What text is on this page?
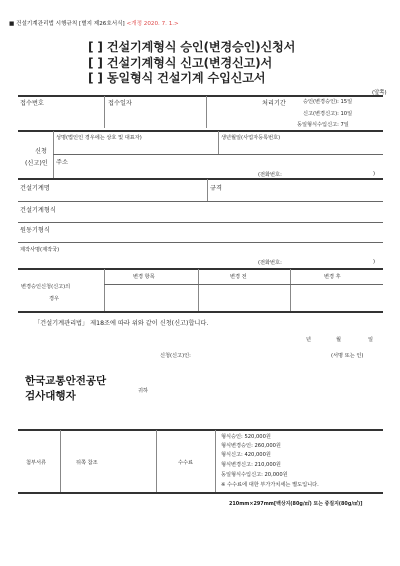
■ 건설기계관리법 시행규칙 [별지 제26호서식] <개정 2020. 7. 1.>
[ ] 건설기계형식 승인(변경승인)신청서
[ ] 건설기계형식 신고(변경신고)서
[ ] 동일형식 건설기계 수입신고서
(앞쪽)
접수번호	접수일자	처리기간	승인(변경승인): 15일
신고(변경신고): 10일
동일형식수입신고: 7일
신청
(신고)인
성명(법인인 경우에는 상호 및 대표자)	생년월일(사업자등록번호)
주소
(전화번호:	)
건설기계명	규격
건설기계형식
원동기형식
제작사명(제작국)
(전화번호:	)
변경승인신청(신고)의
경우
변경 항목	변경 전	변경 후
「건설기계관리법」 제18조에 따라 위와 같이 신청(신고)합니다.
년	월	일
신청(신고)인:	(서명 또는 인)
한국교통안전공단
검사대행자	귀하
첨부서류	뒤쪽 참조	수수료
형식승인: 520,000원
형식변경승인: 260,000원
형식신고: 420,000원
형식변경신고: 210,000원
동일형식수입신고: 20,000원
※ 수수료에 대한 부가가치세는 별도입니다.
210mm×297mm[백상지(80g/㎡) 또는 중질지(80g/㎡)]
